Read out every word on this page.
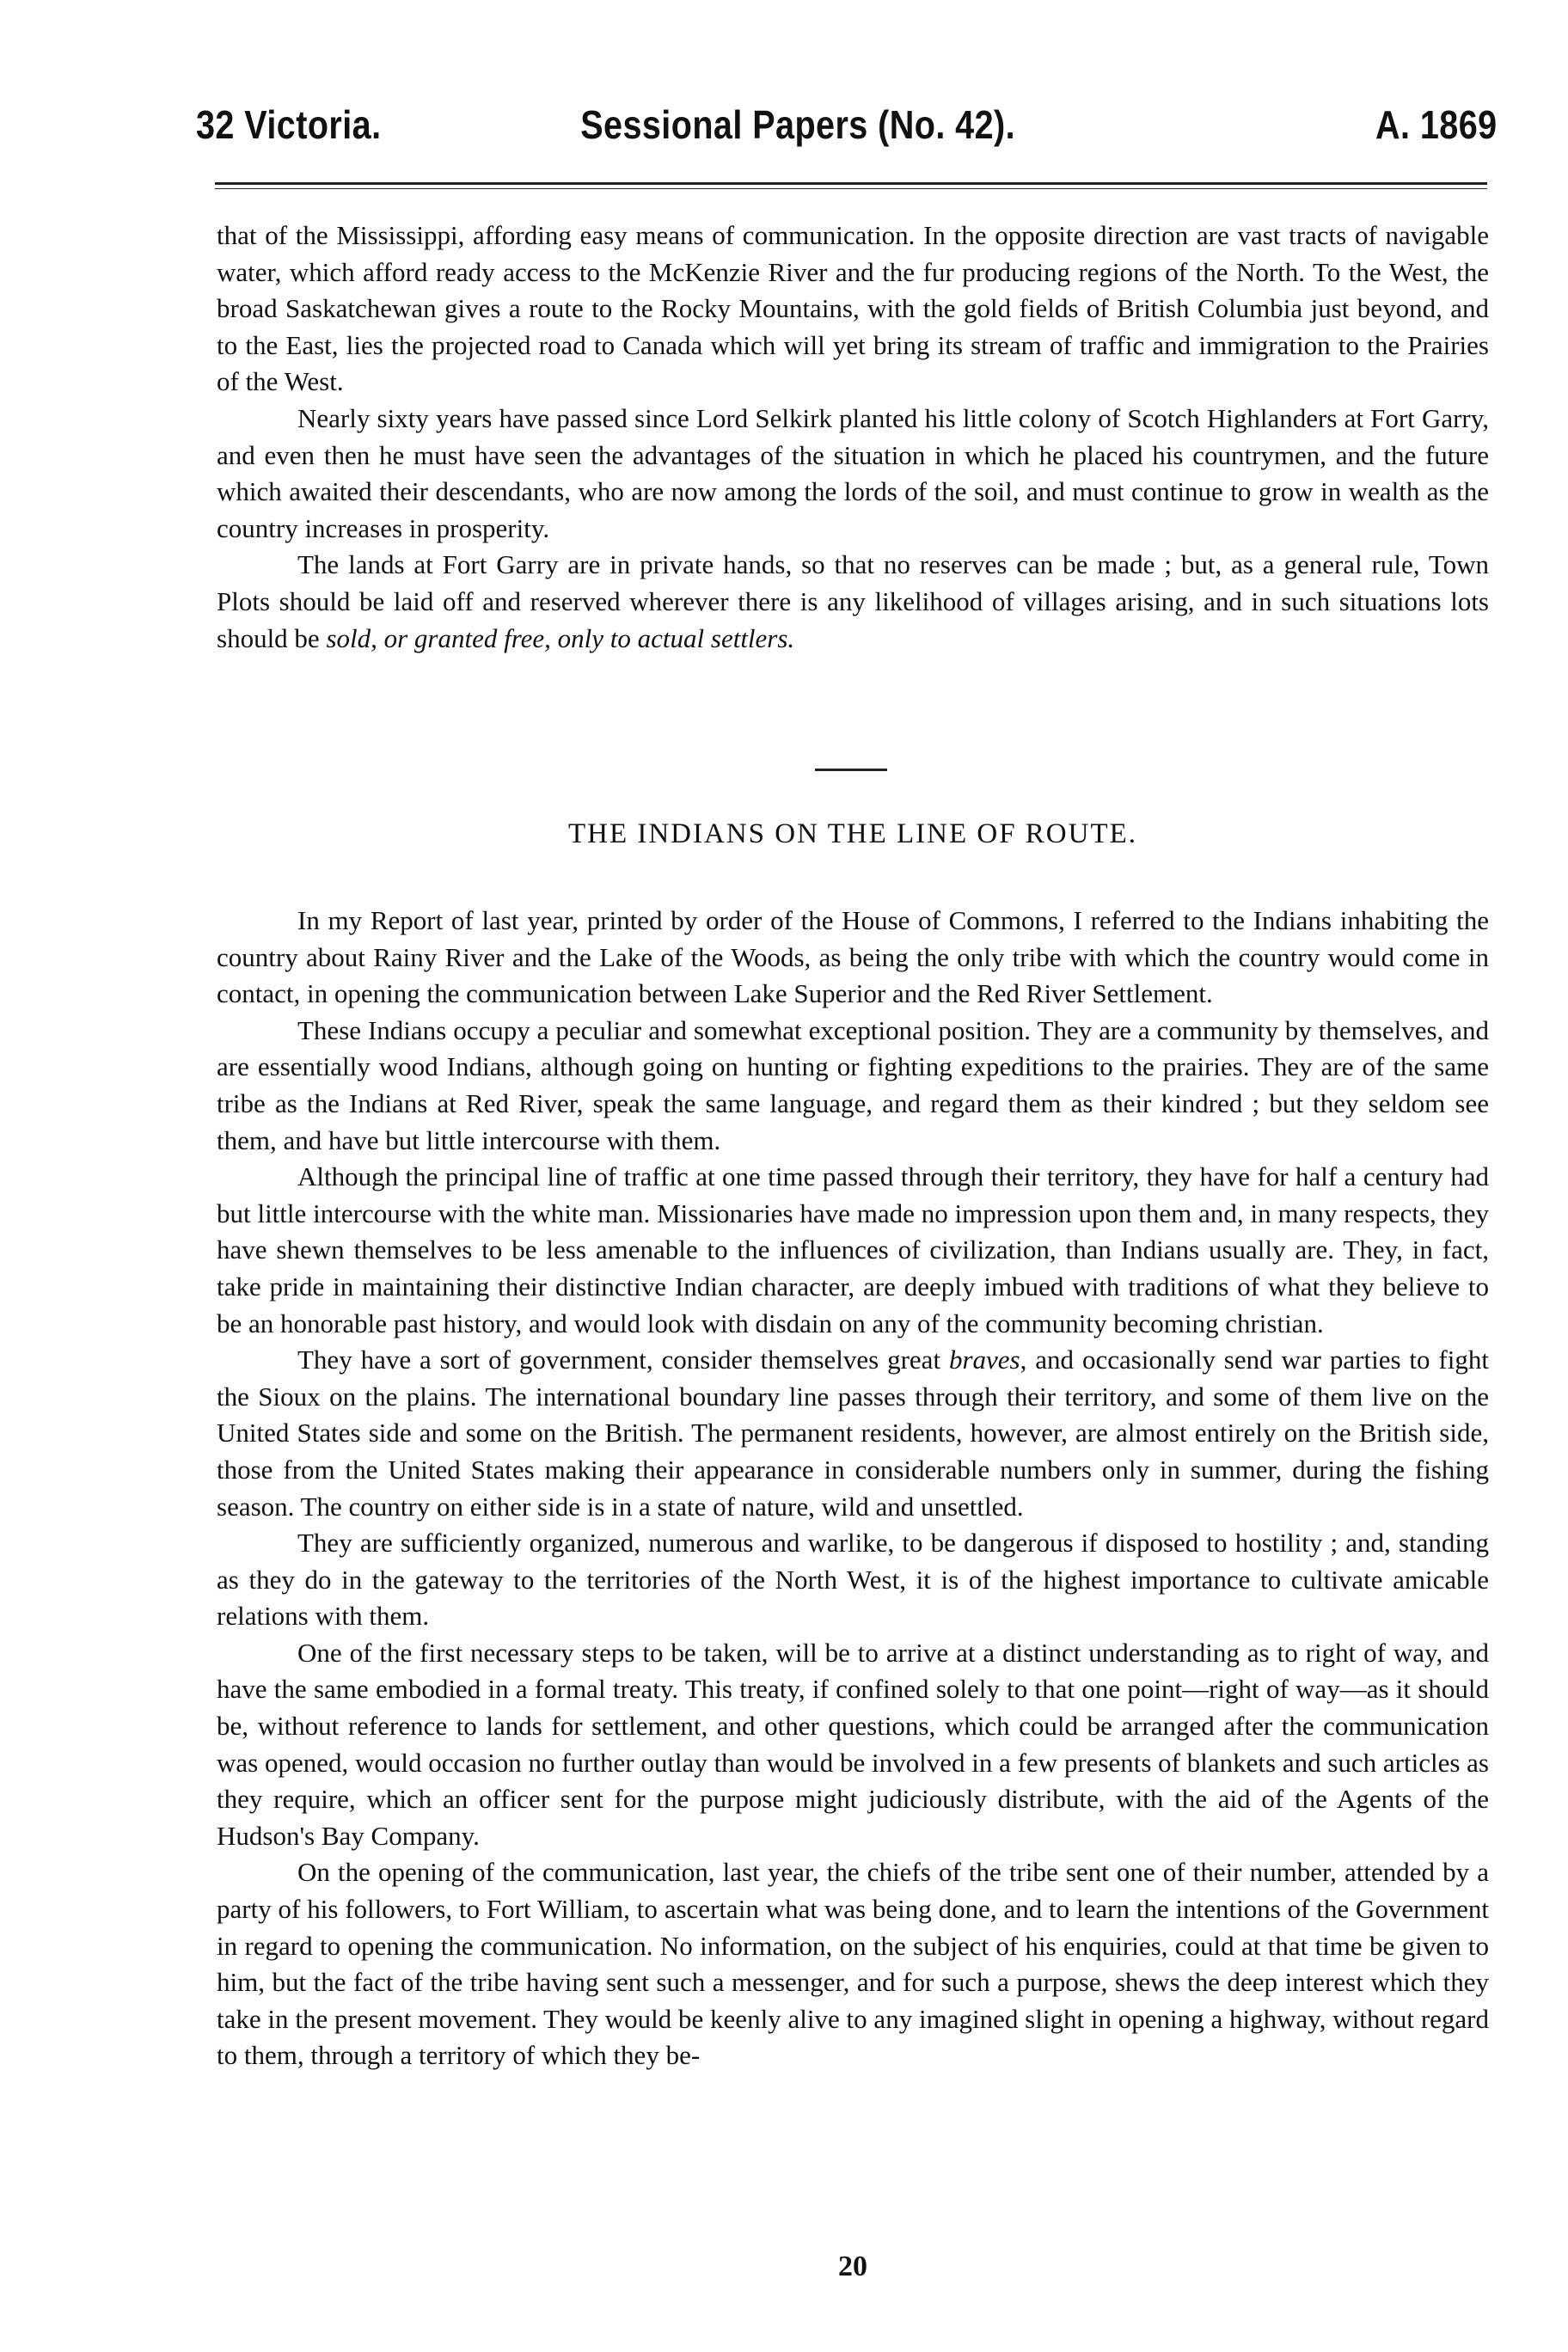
32 Victoria.	Sessional Papers (No. 42).	A. 1869

that of the Mississippi, affording easy means of communication. In the opposite direction are vast tracts of navigable water, which afford ready access to the McKenzie River and the fur producing regions of the North. To the West, the broad Saskatchewan gives a route to the Rocky Mountains, with the gold fields of British Columbia just beyond, and to the East, lies the projected road to Canada which will yet bring its stream of traffic and immigration to the Prairies of the West.

Nearly sixty years have passed since Lord Selkirk planted his little colony of Scotch Highlanders at Fort Garry, and even then he must have seen the advantages of the situation in which he placed his countrymen, and the future which awaited their descendants, who are now among the lords of the soil, and must continue to grow in wealth as the country increases in prosperity.

The lands at Fort Garry are in private hands, so that no reserves can be made ; but, as a general rule, Town Plots should be laid off and reserved wherever there is any likelihood of villages arising, and in such situations lots should be sold, or granted free, only to actual settlers.

THE INDIANS ON THE LINE OF ROUTE.

In my Report of last year, printed by order of the House of Commons, I referred to the Indians inhabiting the country about Rainy River and the Lake of the Woods, as being the only tribe with which the country would come in contact, in opening the communication between Lake Superior and the Red River Settlement.

These Indians occupy a peculiar and somewhat exceptional position. They are a community by themselves, and are essentially wood Indians, although going on hunting or fighting expeditions to the prairies. They are of the same tribe as the Indians at Red River, speak the same language, and regard them as their kindred ; but they seldom see them, and have but little intercourse with them.

Although the principal line of traffic at one time passed through their territory, they have for half a century had but little intercourse with the white man. Missionaries have made no impression upon them and, in many respects, they have shewn themselves to be less amenable to the influences of civilization, than Indians usually are. They, in fact, take pride in maintaining their distinctive Indian character, are deeply imbued with traditions of what they believe to be an honorable past history, and would look with disdain on any of the community becoming christian.

They have a sort of government, consider themselves great braves, and occasionally send war parties to fight the Sioux on the plains. The international boundary line passes through their territory, and some of them live on the United States side and some on the British. The permanent residents, however, are almost entirely on the British side, those from the United States making their appearance in considerable numbers only in summer, during the fishing season. The country on either side is in a state of nature, wild and unsettled.

They are sufficiently organized, numerous and warlike, to be dangerous if disposed to hostility ; and, standing as they do in the gateway to the territories of the North West, it is of the highest importance to cultivate amicable relations with them.

One of the first necessary steps to be taken, will be to arrive at a distinct understanding as to right of way, and have the same embodied in a formal treaty. This treaty, if confined solely to that one point—right of way—as it should be, without reference to lands for settlement, and other questions, which could be arranged after the communication was opened, would occasion no further outlay than would be involved in a few presents of blankets and such articles as they require, which an officer sent for the purpose might judiciously distribute, with the aid of the Agents of the Hudson's Bay Company.

On the opening of the communication, last year, the chiefs of the tribe sent one of their number, attended by a party of his followers, to Fort William, to ascertain what was being done, and to learn the intentions of the Government in regard to opening the communication. No information, on the subject of his enquiries, could at that time be given to him, but the fact of the tribe having sent such a messenger, and for such a purpose, shews the deep interest which they take in the present movement. They would be keenly alive to any imagined slight in opening a highway, without regard to them, through a territory of which they be-

20
